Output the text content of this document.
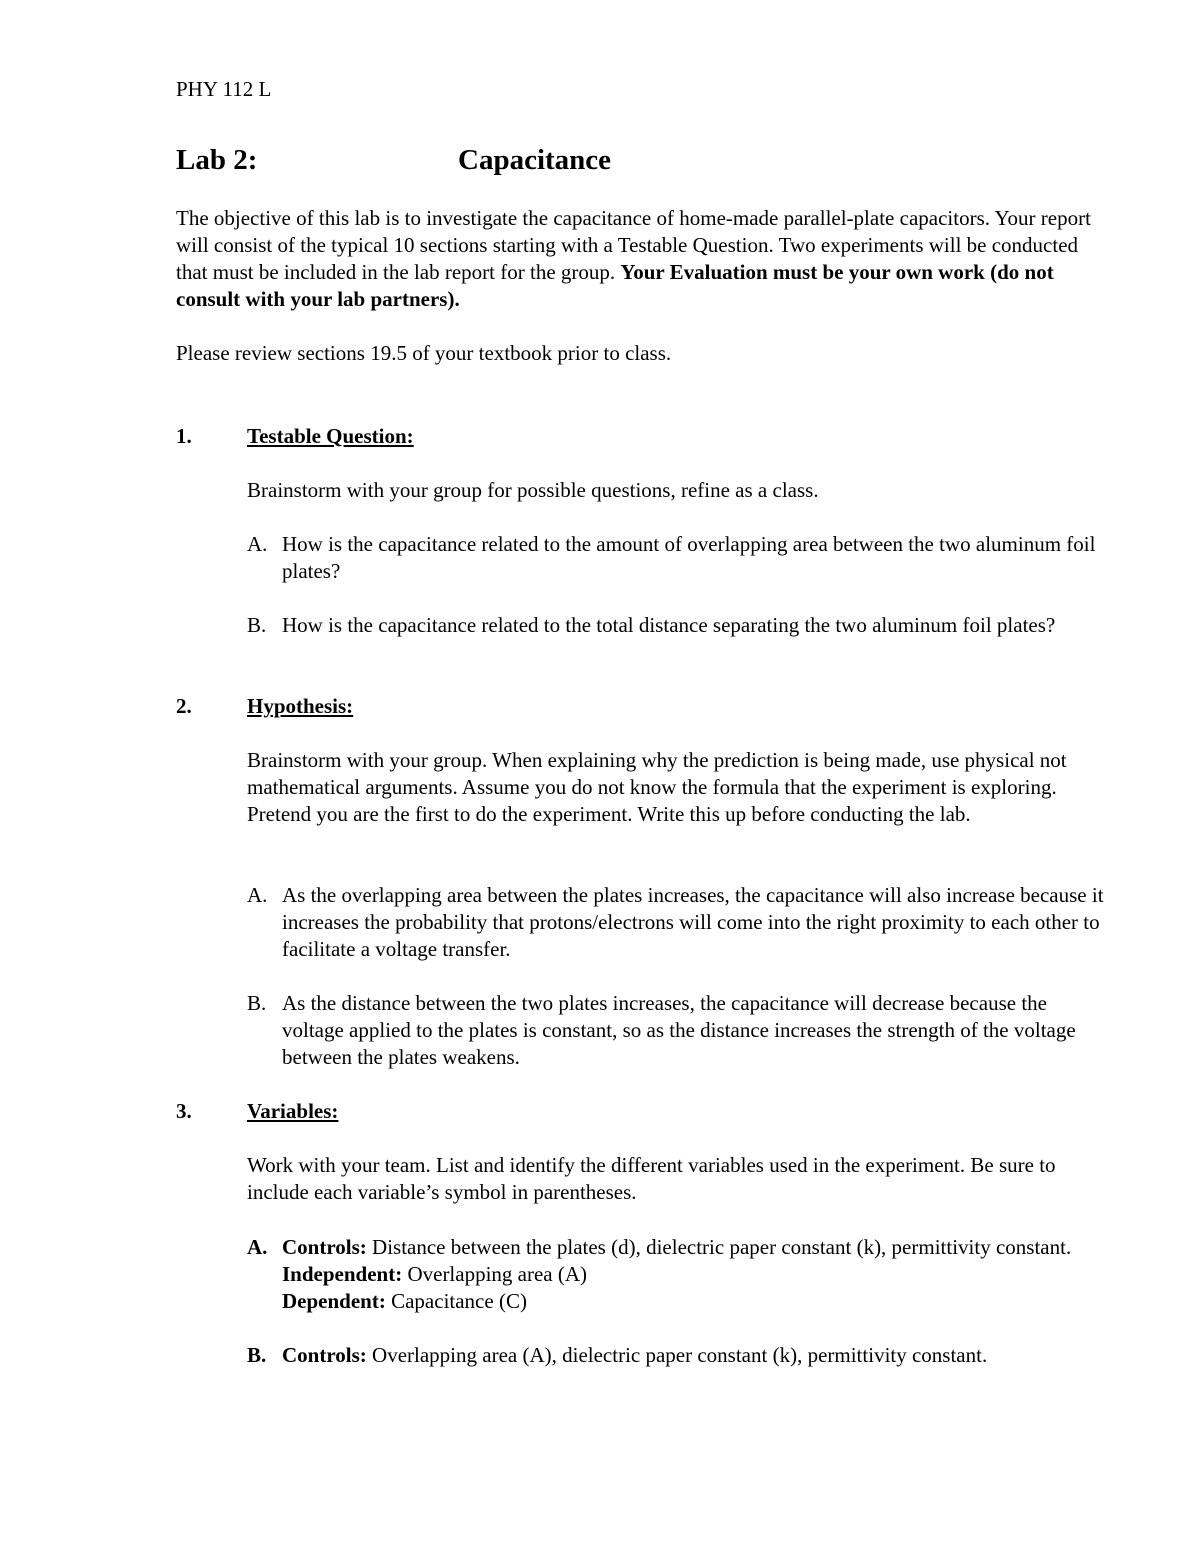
PHY 112 L
Lab 2:	Capacitance

The objective of this lab is to investigate the capacitance of home-made parallel-plate capacitors. Your report will consist of the typical 10 sections starting with a Testable Question. Two experiments will be conducted that must be included in the lab report for the group. Your Evaluation must be your own work (do not consult with your lab partners).

Please review sections 19.5 of your textbook prior to class.

1.	Testable Question:

Brainstorm with your group for possible questions, refine as a class.

A. How is the capacitance related to the amount of overlapping area between the two aluminum foil plates?
B. How is the capacitance related to the total distance separating the two aluminum foil plates?
2.	Hypothesis:

Brainstorm with your group. When explaining why the prediction is being made, use physical not mathematical arguments. Assume you do not know the formula that the experiment is exploring. Pretend you are the first to do the experiment. Write this up before conducting the lab.

A. As the overlapping area between the plates increases, the capacitance will also increase because it increases the probability that protons/electrons will come into the right proximity to each other to facilitate a voltage transfer.
B. As the distance between the two plates increases, the capacitance will decrease because the voltage applied to the plates is constant, so as the distance increases the strength of the voltage between the plates weakens.
3.	Variables:

Work with your team. List and identify the different variables used in the experiment. Be sure to include each variable’s symbol in parentheses.

A. Controls: Distance between the plates (d), dielectric paper constant (k), permittivity constant.
Independent: Overlapping area (A)
Dependent: Capacitance (C)
B. Controls: Overlapping area (A), dielectric paper constant (k), permittivity constant.
